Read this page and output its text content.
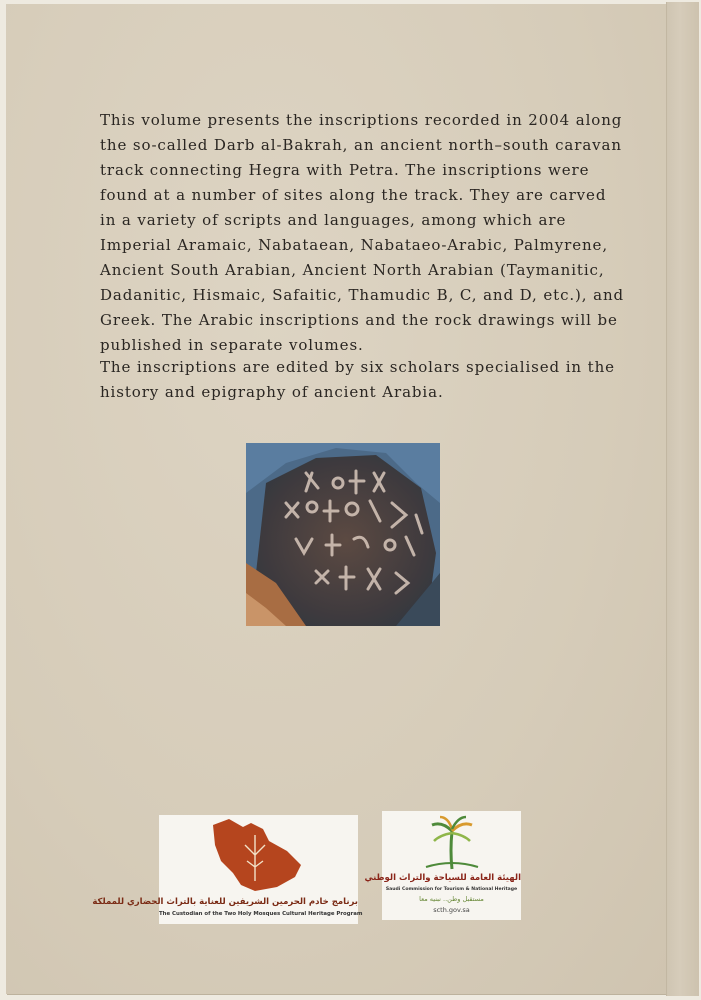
This volume presents the inscriptions recorded in 2004 along the so-called Darb al-Bakrah, an ancient north–south caravan track connecting Hegra with Petra. The inscriptions were found at a number of sites along the track. They are carved in a variety of scripts and languages, among which are Imperial Aramaic, Nabataean, Nabataeo-Arabic, Palmyrene, Ancient South Arabian, Ancient North Arabian (Taymanitic, Dadanitic, Hismaic, Safaitic, Thamudic B, C, and D, etc.), and Greek. The Arabic inscriptions and the rock drawings will be published in separate volumes.

The inscriptions are edited by six scholars specialised in the history and epigraphy of ancient Arabia.

برنامج خادم الحرمين الشريفين للعناية بالتراث الحضاري للمملكة
The Custodian of the Two Holy Mosques Cultural Heritage Program
الهيئة العامة للسياحة والتراث الوطني
Saudi Commission for Tourism & National Heritage
مستقبل وطن.. نبنيه معا
scth.gov.sa
